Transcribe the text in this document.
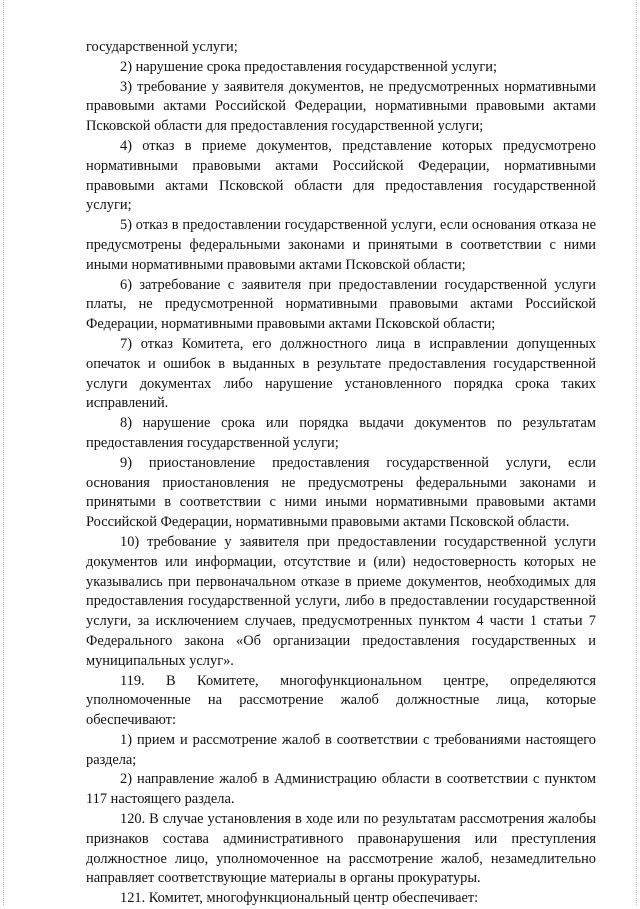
государственной услуги;

2) нарушение срока предоставления государственной услуги;

3) требование у заявителя документов, не предусмотренных нормативными правовыми актами Российской Федерации, нормативными правовыми актами Псковской области для предоставления государственной услуги;

4) отказ в приеме документов, представление которых предусмотрено нормативными правовыми актами Российской Федерации, нормативными правовыми актами Псковской области для предоставления государственной услуги;

5) отказ в предоставлении государственной услуги, если основания отказа не предусмотрены федеральными законами и принятыми в соответствии с ними иными нормативными правовыми актами Псковской области;

6) затребование с заявителя при предоставлении государственной услуги платы, не предусмотренной нормативными правовыми актами Российской Федерации, нормативными правовыми актами Псковской области;

7) отказ Комитета, его должностного лица в исправлении допущенных опечаток и ошибок в выданных в результате предоставления государственной услуги документах либо нарушение установленного порядка срока таких исправлений.

8) нарушение срока или порядка выдачи документов по результатам предоставления государственной услуги;

9) приостановление предоставления государственной услуги, если основания приостановления не предусмотрены федеральными законами и принятыми в соответствии с ними иными нормативными правовыми актами Российской Федерации, нормативными правовыми актами Псковской области.

10) требование у заявителя при предоставлении государственной услуги документов или информации, отсутствие и (или) недостоверность которых не указывались при первоначальном отказе в приеме документов, необходимых для предоставления государственной услуги, либо в предоставлении государственной услуги, за исключением случаев, предусмотренных пунктом 4 части 1 статьи 7 Федерального закона «Об организации предоставления государственных и муниципальных услуг».

119. В Комитете, многофункциональном центре, определяются уполномоченные на рассмотрение жалоб должностные лица, которые обеспечивают:

1) прием и рассмотрение жалоб в соответствии с требованиями настоящего раздела;

2) направление жалоб в Администрацию области в соответствии с пунктом 117 настоящего раздела.

120. В случае установления в ходе или по результатам рассмотрения жалобы признаков состава административного правонарушения или преступления должностное лицо, уполномоченное на рассмотрение жалоб, незамедлительно направляет соответствующие материалы в органы прокуратуры.

121. Комитет, многофункциональный центр обеспечивает:
